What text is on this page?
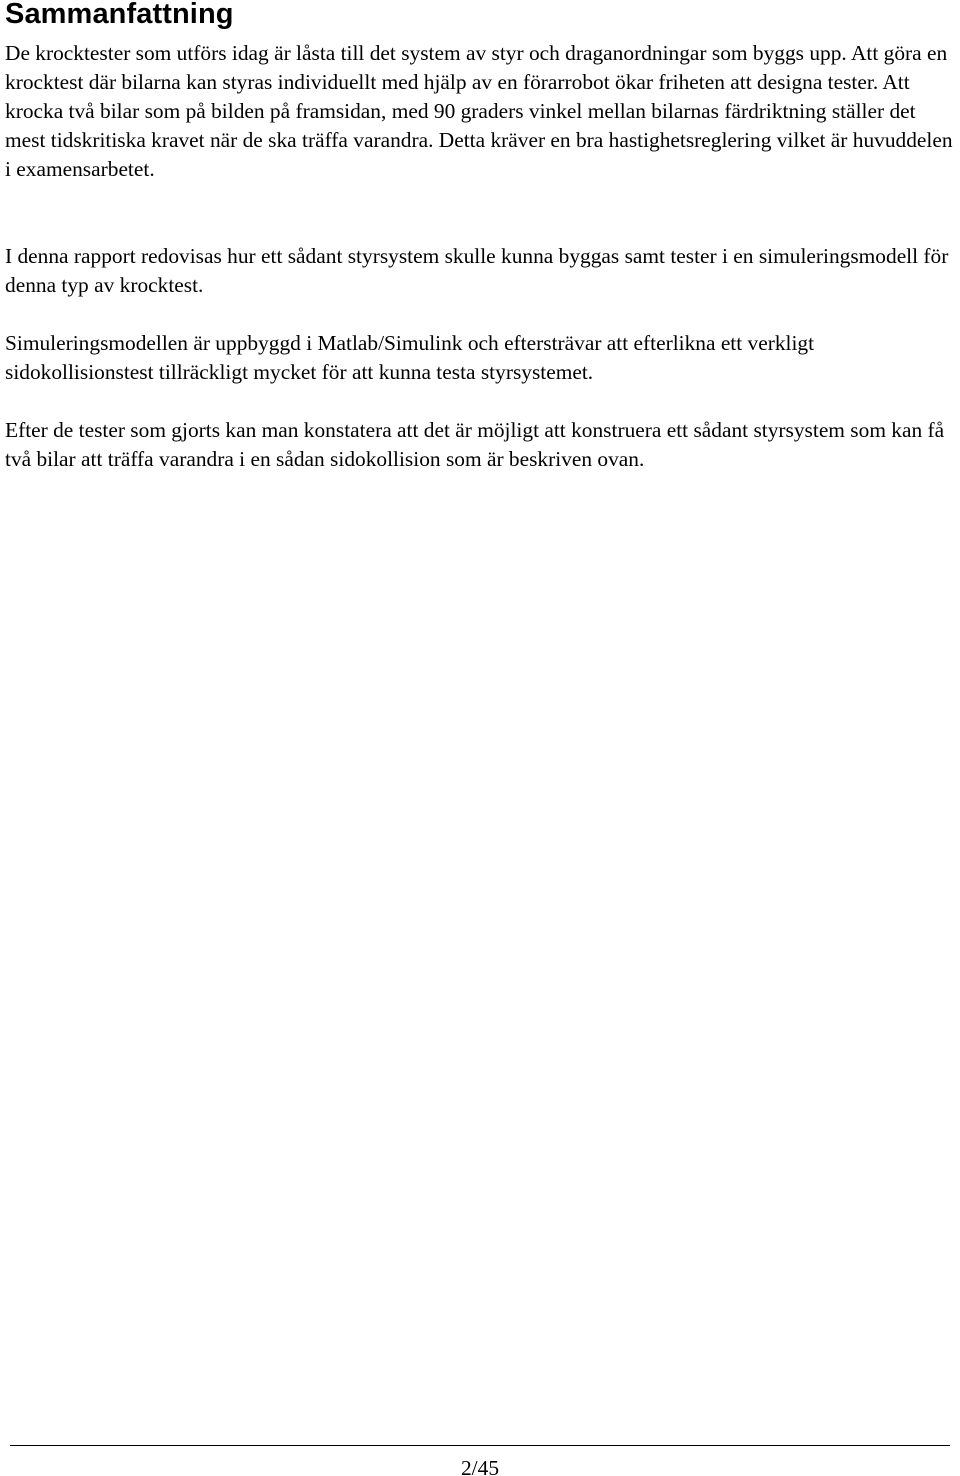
Sammanfattning

De krocktester som utförs idag är låsta till det system av styr och draganordningar som byggs upp. Att göra en krocktest där bilarna kan styras individuellt med hjälp av en förarrobot ökar friheten att designa tester. Att krocka två bilar som på bilden på framsidan, med 90 graders vinkel mellan bilarnas färdriktning ställer det mest tidskritiska kravet när de ska träffa varandra. Detta kräver en bra hastighetsreglering vilket är huvuddelen i examensarbetet.

I denna rapport redovisas hur ett sådant styrsystem skulle kunna byggas samt tester i en simuleringsmodell för denna typ av krocktest.

Simuleringsmodellen är uppbyggd i Matlab/Simulink och eftersträvar att efterlikna ett verkligt sidokollisionstest tillräckligt mycket för att kunna testa styrsystemet.

Efter de tester som gjorts kan man konstatera att det är möjligt att konstruera ett sådant styrsystem som kan få två bilar att träffa varandra i en sådan sidokollision som är beskriven ovan.

2/45
